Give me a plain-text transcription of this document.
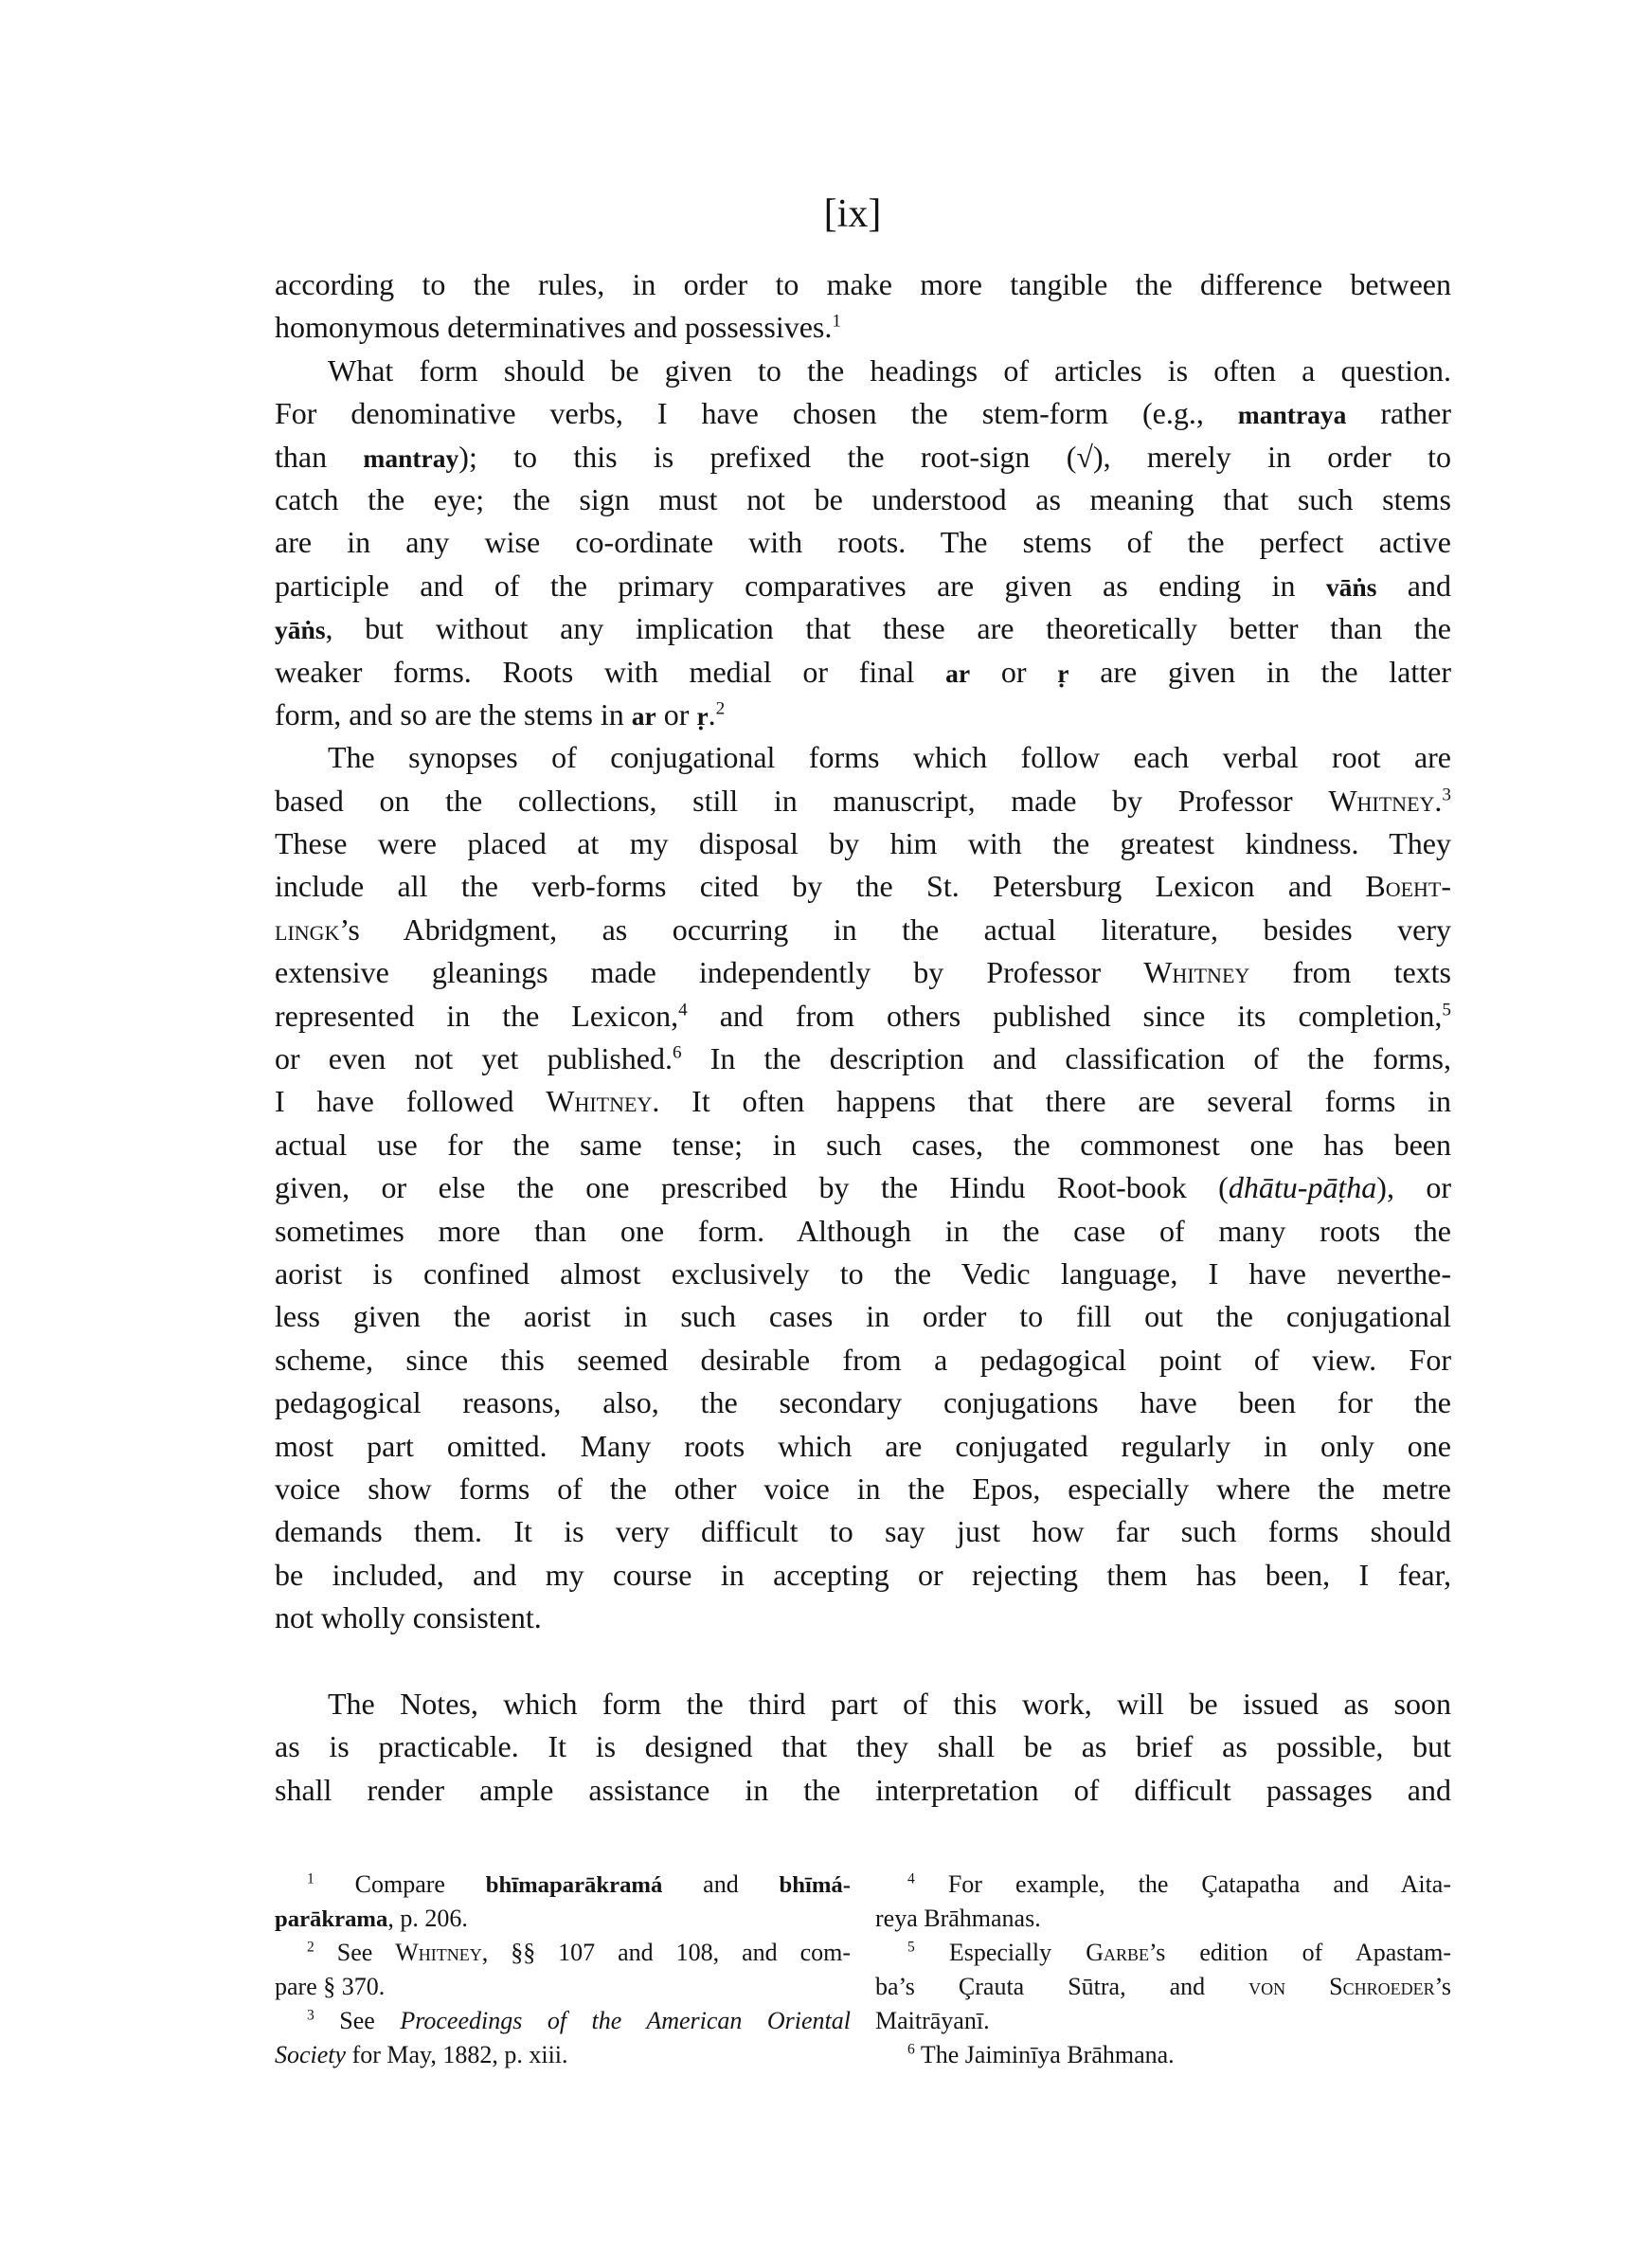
[ix]
according to the rules, in order to make more tangible the difference between
homonymous determinatives and possessives.$^1$
What form should be given to the headings of articles is often a question.
For denominative verbs, I have chosen the stem-form (e.g., mantraya rather
than mantray); to this is prefixed the root-sign (√), merely in order to
catch the eye; the sign must not be understood as meaning that such stems
are in any wise co-ordinate with roots. The stems of the perfect active
participle and of the primary comparatives are given as ending in vāṅs and
yāṅs, but without any implication that these are theoretically better than the
weaker forms. Roots with medial or final ar or ṛ are given in the latter
form, and so are the stems in ar or ṛ.$^2$
The synopses of conjugational forms which follow each verbal root are
based on the collections, still in manuscript, made by Professor Whitney.$^3$
These were placed at my disposal by him with the greatest kindness. They
include all the verb-forms cited by the St. Petersburg Lexicon and Boeht-
lingk’s Abridgment, as occurring in the actual literature, besides very
extensive gleanings made independently by Professor Whitney from texts
represented in the Lexicon,$^4$ and from others published since its completion,$^5$
or even not yet published.$^6$ In the description and classification of the forms,
I have followed Whitney. It often happens that there are several forms in
actual use for the same tense; in such cases, the commonest one has been
given, or else the one prescribed by the Hindu Root-book (dhātu-pāṭha), or
sometimes more than one form. Although in the case of many roots the
aorist is confined almost exclusively to the Vedic language, I have neverthe-
less given the aorist in such cases in order to fill out the conjugational
scheme, since this seemed desirable from a pedagogical point of view. For
pedagogical reasons, also, the secondary conjugations have been for the
most part omitted. Many roots which are conjugated regularly in only one
voice show forms of the other voice in the Epos, especially where the metre
demands them. It is very difficult to say just how far such forms should
be included, and my course in accepting or rejecting them has been, I fear,
not wholly consistent.
The Notes, which form the third part of this work, will be issued as soon
as is practicable. It is designed that they shall be as brief as possible, but
shall render ample assistance in the interpretation of difficult passages and
$^1$ Compare bhīmaparākramá and bhīmá-
parākrama, p. 206.
$^2$ See Whitney, §§ 107 and 108, and com-
pare § 370.
$^3$ See Proceedings of the American Oriental
Society for May, 1882, p. xiii.
$^4$ For example, the Çatapatha and Aita-
reya Brāhmanas.
$^5$ Especially Garbe’s edition of Apastam-
ba’s Çrauta Sūtra, and von Schroeder’s
Maitrāyanī.
$^6$ The Jaiminīya Brāhmana.
